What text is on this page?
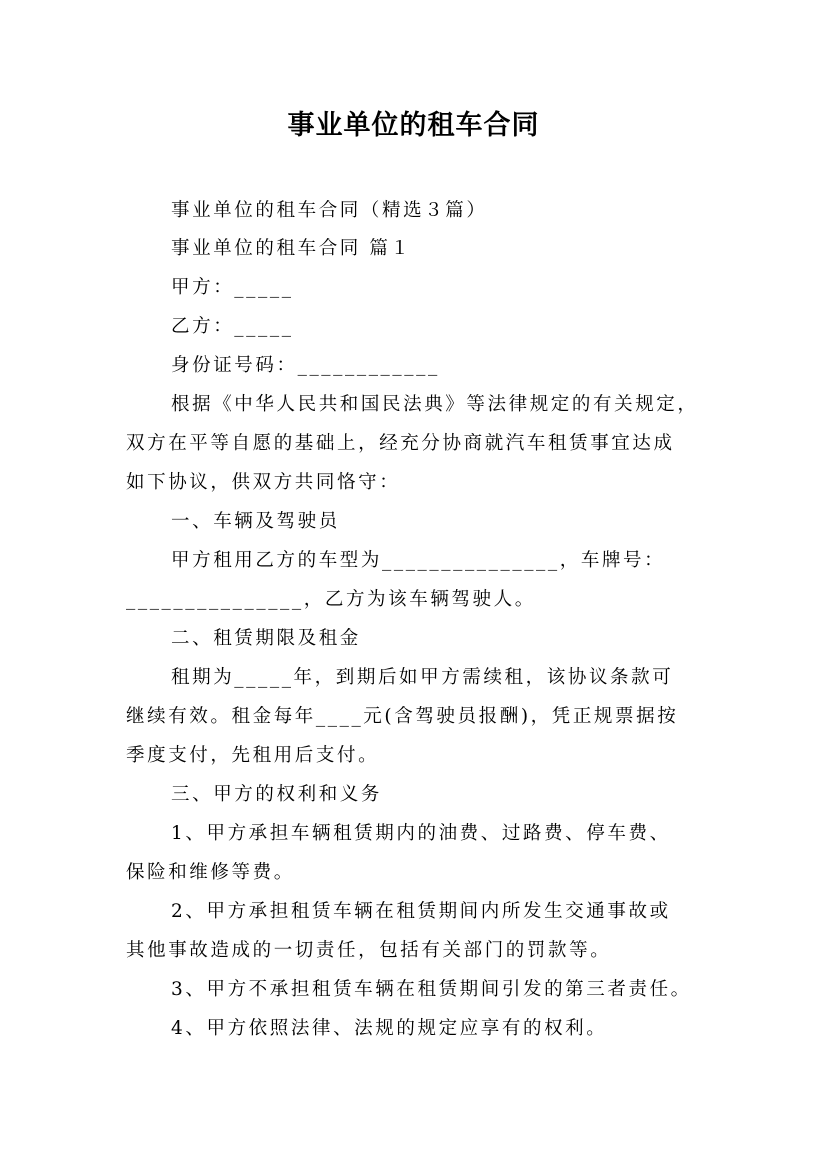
事业单位的租车合同
事业单位的租车合同（精选３篇）
事业单位的租车合同 篇１
甲方：_____
乙方：_____
身份证号码：____________
根据《中华人民共和国民法典》等法律规定的有关规定，
双方在平等自愿的基础上，经充分协商就汽车租赁事宜达成
如下协议，供双方共同恪守：
一、车辆及驾驶员
甲方租用乙方的车型为_______________，车牌号：
_______________，乙方为该车辆驾驶人。
二、租赁期限及租金
租期为_____年，到期后如甲方需续租，该协议条款可
继续有效。租金每年____元(含驾驶员报酬)，凭正规票据按
季度支付，先租用后支付。
三、甲方的权利和义务
1、甲方承担车辆租赁期内的油费、过路费、停车费、
保险和维修等费。
2、甲方承担租赁车辆在租赁期间内所发生交通事故或
其他事故造成的一切责任，包括有关部门的罚款等。
3、甲方不承担租赁车辆在租赁期间引发的第三者责任。
4、甲方依照法律、法规的规定应享有的权利。
